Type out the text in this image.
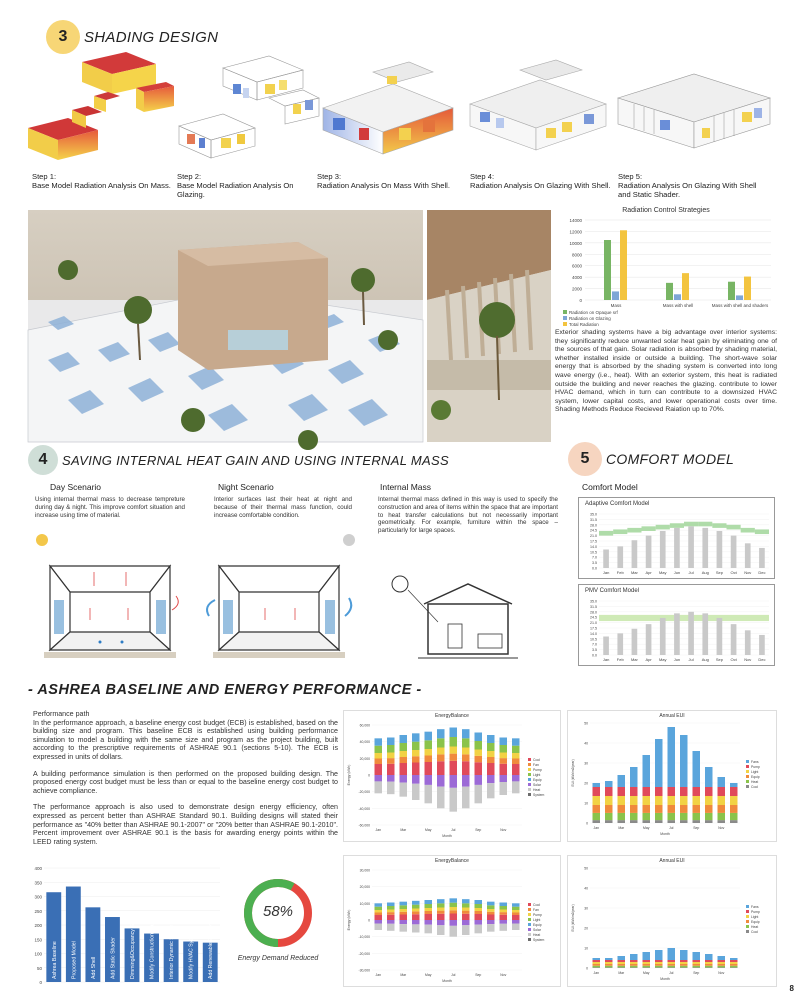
3	SHADING DESIGN
Step 1:
Base Model Radiation Analysis On Mass.
Step 2:
Base Model Radiation Analysis On Glazing.
Step 3:
Radiation Analysis On Mass With Shell.
Step 4:
Radiation Analysis On Glazing With Shell.
Step 5:
Radiation Analysis On Glazing With Shell and Static Shader.
Radiation Control Strategies
14000
12000
10000
8000
6000
4000
2000
0
Mass	Mass with shell	Mass with shell and shaders
Radiation on Opaque srf
Radiation on Glazing
Total Radiation
Exterior shading systems have a big advantage over interior systems: they significantly reduce unwanted solar heat gain by eliminating one of the sources of that gain. Solar radiation is absorbed by shading material, whether installed inside or outside a building. The short-wave solar energy that is absorbed by the shading system is converted into long wave energy (i.e., heat). With an exterior system, this heat is radiated outside the building and never reaches the glazing. contribute to lower HVAC demand, which in turn can contribute to a downsized HVAC system, lower capital costs, and lower operational costs over time. Shading Methods Reduce Recieved Raiation up to 70%.
4	SAVING INTERNAL HEAT GAIN AND USING INTERNAL MASS	5	COMFORT MODEL
Day Scenario
Using internal thermal mass to decrease tempreture during day & night. This improve comfort situation and increase using time of material.
Night Scenario
Interior surfaces last their heat at night and because of their thermal mass function, could increase comfortable condition.
Internal Mass
Internal thermal mass defined in this way is used to specify the construction and area of items within the space that are important to heat transfer calculations but not necessarily important geometrically. For example, furniture within the space – particularly for large spaces.
Comfort Model
35.0
31.5
28.0
24.5
21.0
17.5
14.0
10.5
7.0
3.5
0.0
Jan Feb Mar Apr May Jun Jul Aug Sep Oct Nov Dec
Adaptive Comfort Model
35.0
31.5
28.0
24.5
21.0
17.5
14.0
10.5
7.0
3.5
0.0
Jan Feb Mar Apr May Jun Jul Aug Sep Oct Nov Dec
PMV Comfort Model
- ASHREA BASELINE AND ENERGY PERFORMANCE -
Performance path

In the performance approach, a baseline energy cost budget (ECB) is established, based on the building size and program. This baseline ECB is established using building performance simulation to model a building with the same size and program as the project building, built according to the prescriptive requirements of ASHRAE 90.1 (sections 5-10). The ECB is expressed in units of dollars.

A building performance simulation is then performed on the proposed building design. The proposed energy cost budget must be less than or equal to the baseline energy cost budget to achieve compliance.

The performance approach is also used to demonstrate design energy efficiency, often expressed as percent better than ASHRAE Standard 90.1. Building designs will stated their performance as "40% better than ASHRAE 90.1-2007" or "20% better than ASHRAE 90.1-2010". Percent improvement over ASHRAE 90.1 is the basis for awarding energy points within the LEED rating system.

EnergyBalance
60,000
40,000
20,000
0
-20,000
-40,000
-60,000
Jan	Mar	May	Jul	Sep	Nov
Month
Energy (kWh)
Cool
Fan
Pump
Light
Equip
Solar
Heat
System
Annual EUI
50
40
30
20
10
0
Jan	Mar	May	Jul	Sep	Nov
Month
EUI (kWh/m2/year)	Fans
Pump
Light
Equip
Heat
Cool
EnergyBalance
30,000
20,000
10,000
0
-10,000
-20,000
-30,000
Jan	Mar	May	Jul	Sep	Nov
Month
Energy (kWh)
Cool
Fan
Pump
Light
Equip
Solar
Heat
System
Annual EUI
50
40
30
20
10
0
Jan	Mar	May	Jul	Sep	Nov
Month
EUI (kWh/m2/year)	Fans
Pump
Light
Equip
Heat
Cool
400
350
300
250
200
150
100
50
0
Ashrea Baseline	Proposed Model	Add Shell	Add Static Shader	Dimming&Occupancy Sensor	Modify Construction Material	Interior Dynamic Shader	Modify HVAC System	Add Renewable Energy
58%
Energy Demand Reduced
8
